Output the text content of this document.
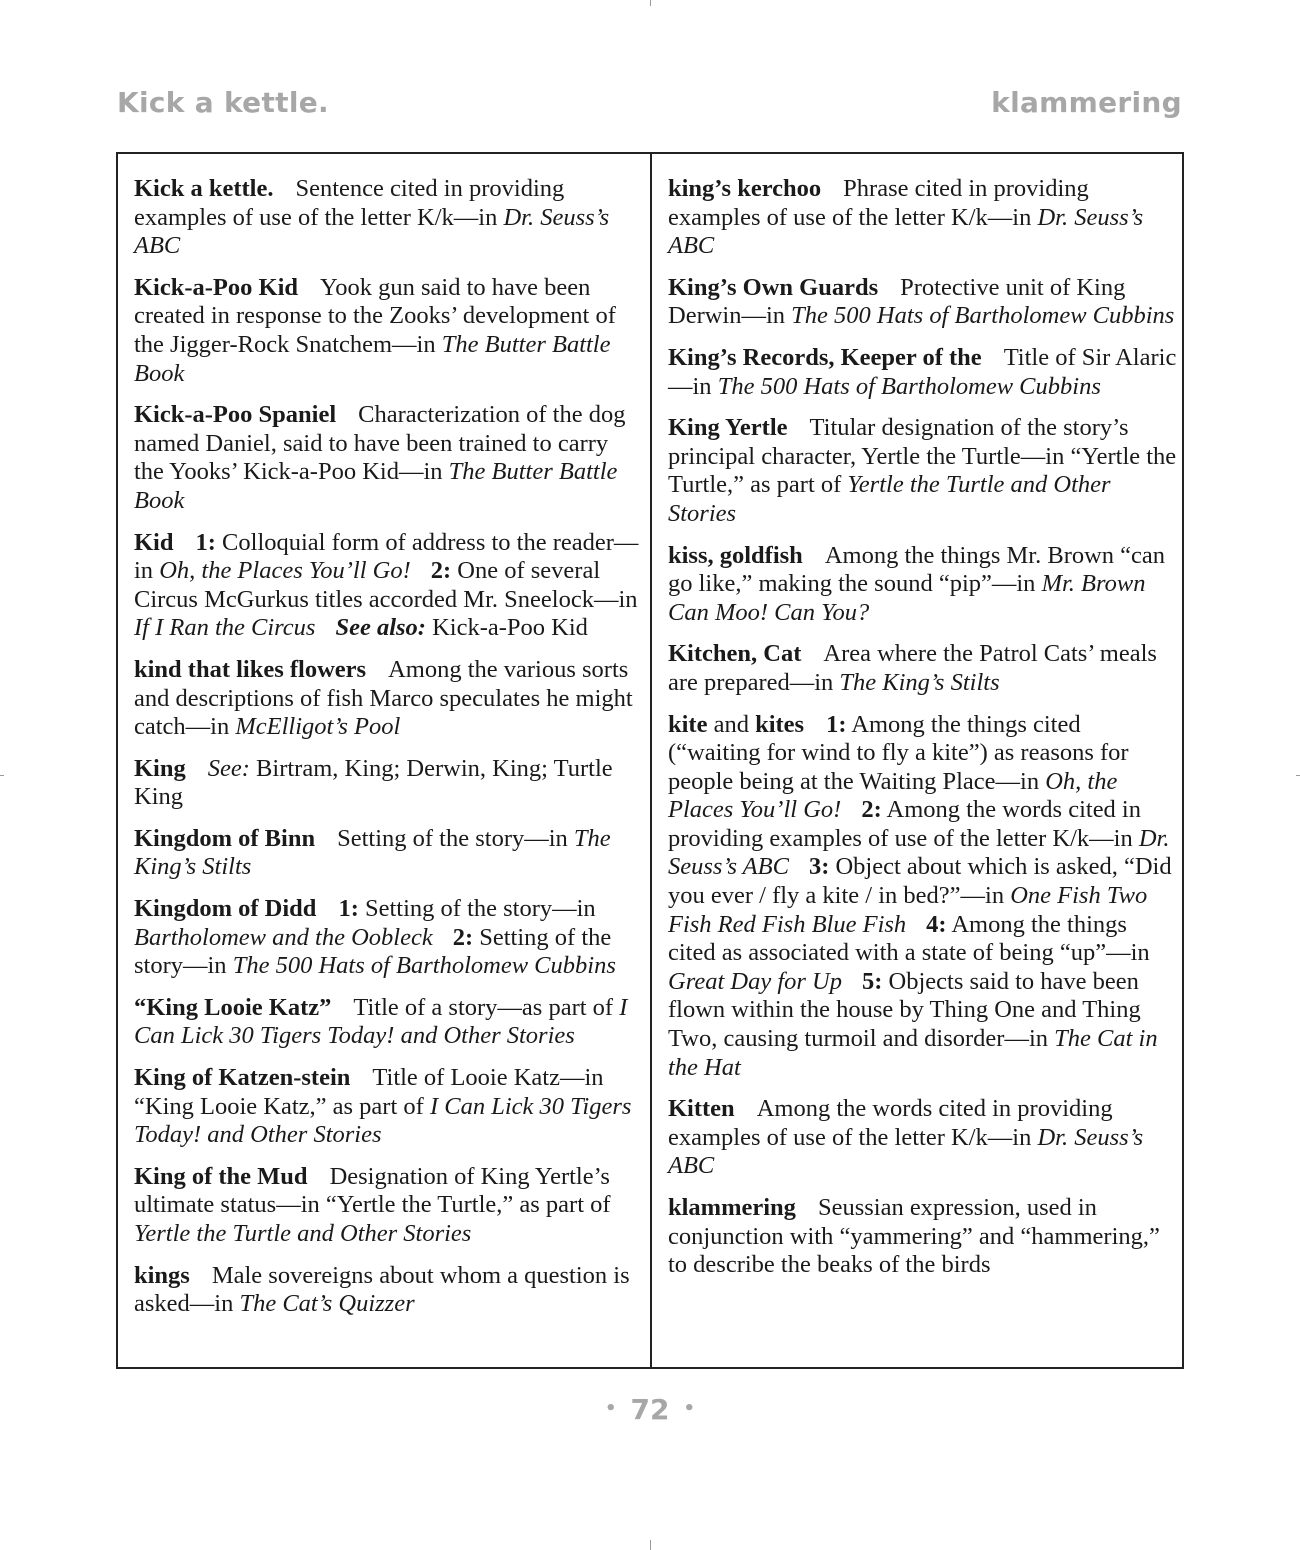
Kick a kettle.	klammering

Kick a kettle. Sentence cited in providing examples of use of the letter K/k—in Dr. Seuss’s ABC

Kick-a-Poo Kid Yook gun said to have been created in response to the Zooks’ development of the Jigger-Rock Snatchem—in The Butter Battle Book

Kick-a-Poo Spaniel Characterization of the dog named Daniel, said to have been trained to carry the Yooks’ Kick-a-Poo Kid—in The Butter Battle Book

Kid 1: Colloquial form of address to the reader—in Oh, the Places You’ll Go! 2: One of several Circus McGurkus titles accorded Mr. Sneelock—in If I Ran the Circus See also: Kick-a-Poo Kid

kind that likes flowers Among the various sorts and descriptions of fish Marco speculates he might catch—in McElligot’s Pool

King See: Birtram, King; Derwin, King; Turtle King

Kingdom of Binn Setting of the story—in The King’s Stilts

Kingdom of Didd 1: Setting of the story—in Bartholomew and the Oobleck 2: Setting of the story—in The 500 Hats of Bartholomew Cubbins

“King Looie Katz” Title of a story—as part of I Can Lick 30 Tigers Today! and Other Stories

King of Katzen-stein Title of Looie Katz—in “King Looie Katz,” as part of I Can Lick 30 Tigers Today! and Other Stories

King of the Mud Designation of King Yertle’s ultimate status—in “Yertle the Turtle,” as part of Yertle the Turtle and Other Stories

kings Male sovereigns about whom a question is asked—in The Cat’s Quizzer

king’s kerchoo Phrase cited in providing examples of use of the letter K/k—in Dr. Seuss’s ABC

King’s Own Guards Protective unit of King Derwin—in The 500 Hats of Bartholomew Cubbins

King’s Records, Keeper of the Title of Sir Alaric—in The 500 Hats of Bartholomew Cubbins

King Yertle Titular designation of the story’s principal character, Yertle the Turtle—in “Yertle the Turtle,” as part of Yertle the Turtle and Other Stories

kiss, goldfish Among the things Mr. Brown “can go like,” making the sound “pip”—in Mr. Brown Can Moo! Can You?

Kitchen, Cat Area where the Patrol Cats’ meals are prepared—in The King’s Stilts

kite and kites 1: Among the things cited (“waiting for wind to fly a kite”) as reasons for people being at the Waiting Place—in Oh, the Places You’ll Go! 2: Among the words cited in providing examples of use of the letter K/k—in Dr. Seuss’s ABC 3: Object about which is asked, “Did you ever / fly a kite / in bed?”—in One Fish Two Fish Red Fish Blue Fish 4: Among the things cited as associated with a state of being “up”—in Great Day for Up 5: Objects said to have been flown within the house by Thing One and Thing Two, causing turmoil and disorder—in The Cat in the Hat

Kitten Among the words cited in providing examples of use of the letter K/k—in Dr. Seuss’s ABC

klammering Seussian expression, used in conjunction with “yammering” and “hammering,” to describe the beaks of the birds

• 72 •
